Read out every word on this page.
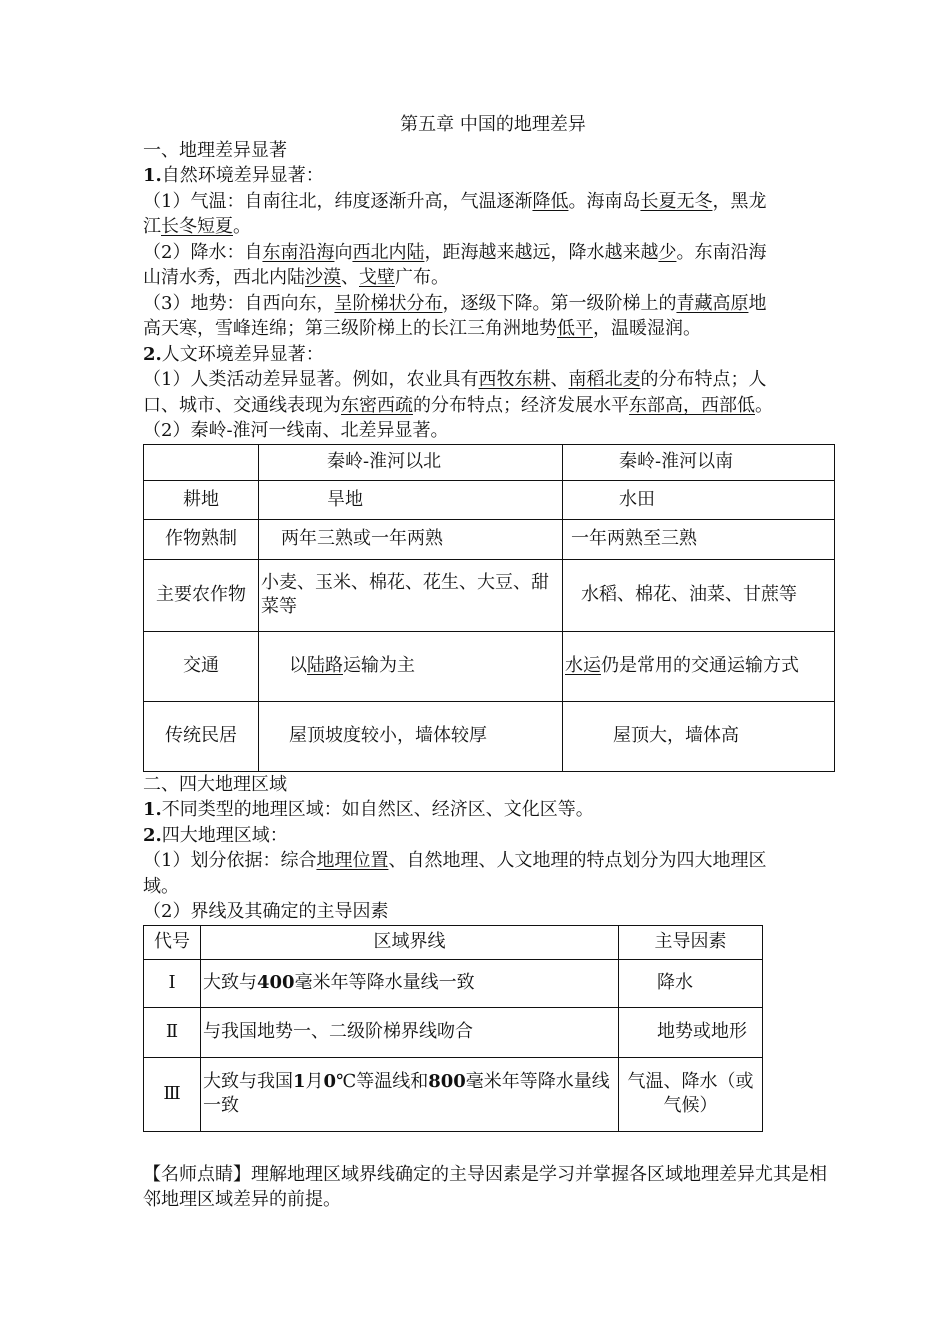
第五章 中国的地理差异
一、地理差异显著
1.自然环境差异显著：
（1）气温：自南往北，纬度逐渐升高，气温逐渐降低。海南岛长夏无冬，黑龙
江长冬短夏。
（2）降水：自东南沿海向西北内陆，距海越来越远，降水越来越少。东南沿海
山清水秀，西北内陆沙漠、戈壁广布。
（3）地势：自西向东，呈阶梯状分布，逐级下降。第一级阶梯上的青藏高原地
高天寒，雪峰连绵；第三级阶梯上的长江三角洲地势低平，温暖湿润。
2.人文环境差异显著：
（1）人类活动差异显著。例如，农业具有西牧东耕、南稻北麦的分布特点；人
口、城市、交通线表现为东密西疏的分布特点；经济发展水平东部高，西部低。
（2）秦岭-淮河一线南、北差异显著。
	秦岭-淮河以北	秦岭-淮河以南
耕地	旱地	水田
作物熟制	两年三熟或一年两熟	一年两熟至三熟
主要农作物	小麦、玉米、棉花、花生、大豆、甜菜等	水稻、棉花、油菜、甘蔗等
交通	以陆路运输为主	水运仍是常用的交通运输方式
传统民居	屋顶坡度较小，墙体较厚	屋顶大，墙体高
二、四大地理区域
1.不同类型的地理区域：如自然区、经济区、文化区等。
2.四大地理区域：
（1）划分依据：综合地理位置、自然地理、人文地理的特点划分为四大地理区
域。
（2）界线及其确定的主导因素
代号	区域界线	主导因素
Ⅰ	大致与400毫米年等降水量线一致	降水
Ⅱ	与我国地势一、二级阶梯界线吻合	地势或地形
Ⅲ	大致与我国1月0℃等温线和800毫米年等降水量线一致	气温、降水（或气候）
【名师点睛】理解地理区域界线确定的主导因素是学习并掌握各区域地理差异尤其是相邻地理区域差异的前提。
